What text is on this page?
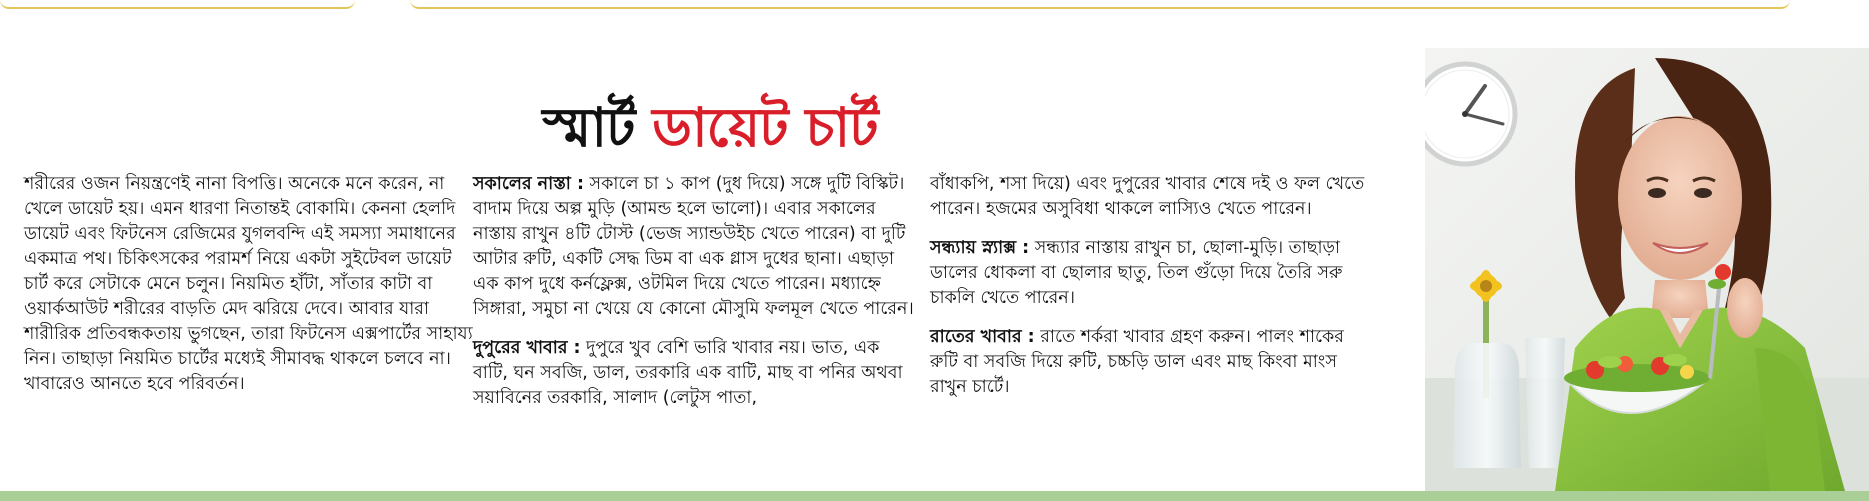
স্মার্ট ডায়েট চার্ট

শরীরের ওজন নিয়ন্ত্রণেই নানা বিপত্তি। অনেকে মনে করেন, না খেলে ডায়েট হয়। এমন ধারণা নিতান্তই বোকামি। কেননা হেলদি ডায়েট এবং ফিটনেস রেজিমের যুগলবন্দি এই সমস্যা সমাধানের একমাত্র পথ। চিকিৎসকের পরামর্শ নিয়ে একটা সুইটেবল ডায়েট চার্ট করে সেটাকে মেনে চলুন। নিয়মিত হাঁটা, সাঁতার কাটা বা ওয়ার্কআউট শরীরের বাড়তি মেদ ঝরিয়ে দেবে। আবার যারা শারীরিক প্রতিবন্ধকতায় ভুগছেন, তারা ফিটনেস এক্সপার্টের সাহায্য নিন। তাছাড়া নিয়মিত চার্টের মধ্যেই সীমাবদ্ধ থাকলে চলবে না। খাবারেও আনতে হবে পরিবর্তন।

সকালের নাস্তা : সকালে চা ১ কাপ (দুধ দিয়ে) সঙ্গে দুটি বিস্কিট। বাদাম দিয়ে অল্প মুড়ি (আমন্ড হলে ভালো)। এবার সকালের নাস্তায় রাখুন ৪টি টোস্ট (ভেজ স্যান্ডউইচ খেতে পারেন) বা দুটি আটার রুটি, একটি সেদ্ধ ডিম বা এক গ্লাস দুধের ছানা। এছাড়া এক কাপ দুধে কর্নফ্লেক্স, ওটমিল দিয়ে খেতে পারেন। মধ্যাহ্নে সিঙ্গারা, সমুচা না খেয়ে যে কোনো মৌসুমি ফলমূল খেতে পারেন।

দুপুরের খাবার : দুপুরে খুব বেশি ভারি খাবার নয়। ভাত, এক বাটি, ঘন সবজি, ডাল, তরকারি এক বাটি, মাছ বা পনির অথবা সয়াবিনের তরকারি, সালাদ (লেটুস পাতা,

বাঁধাকপি, শসা দিয়ে) এবং দুপুরের খাবার শেষে দই ও ফল খেতে পারেন। হজমের অসুবিধা থাকলে লাস্যিও খেতে পারেন।

সন্ধ্যায় স্ন্যাক্স : সন্ধ্যার নাস্তায় রাখুন চা, ছোলা-মুড়ি। তাছাড়া ডালের ধোকলা বা ছোলার ছাতু, তিল গুঁড়ো দিয়ে তৈরি সরু চাকলি খেতে পারেন।

রাতের খাবার : রাতে শর্করা খাবার গ্রহণ করুন। পালং শাকের রুটি বা সবজি দিয়ে রুটি, চচ্চড়ি ডাল এবং মাছ কিংবা মাংস রাখুন চার্টে।
